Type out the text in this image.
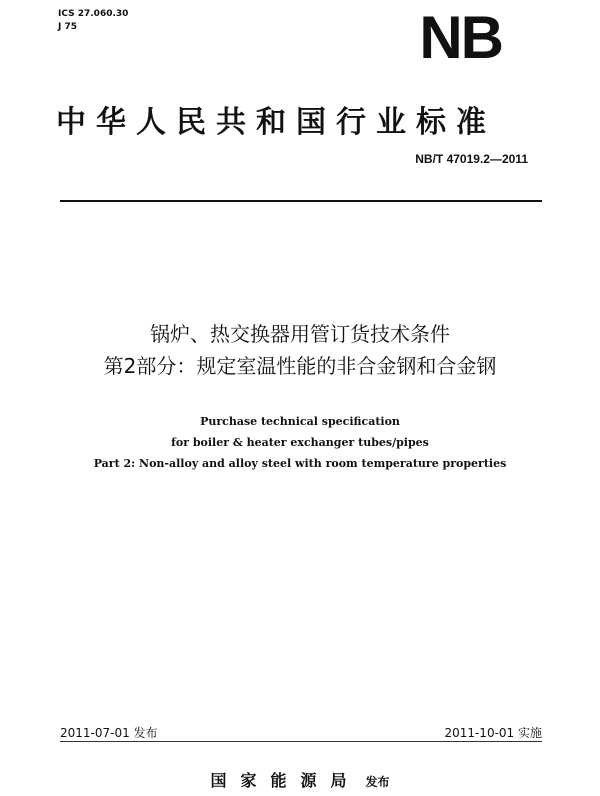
ICS 27.060.30
J 75	NB
中华人民共和国行业标准
NB/T 47019.2—2011
锅炉、热交换器用管订货技术条件
第2部分：规定室温性能的非合金钢和合金钢
Purchase technical specification
for boiler & heater exchanger tubes/pipes
Part 2: Non-alloy and alloy steel with room temperature properties
2011-07-01 发布	2011-10-01 实施
国家能源局 发布
